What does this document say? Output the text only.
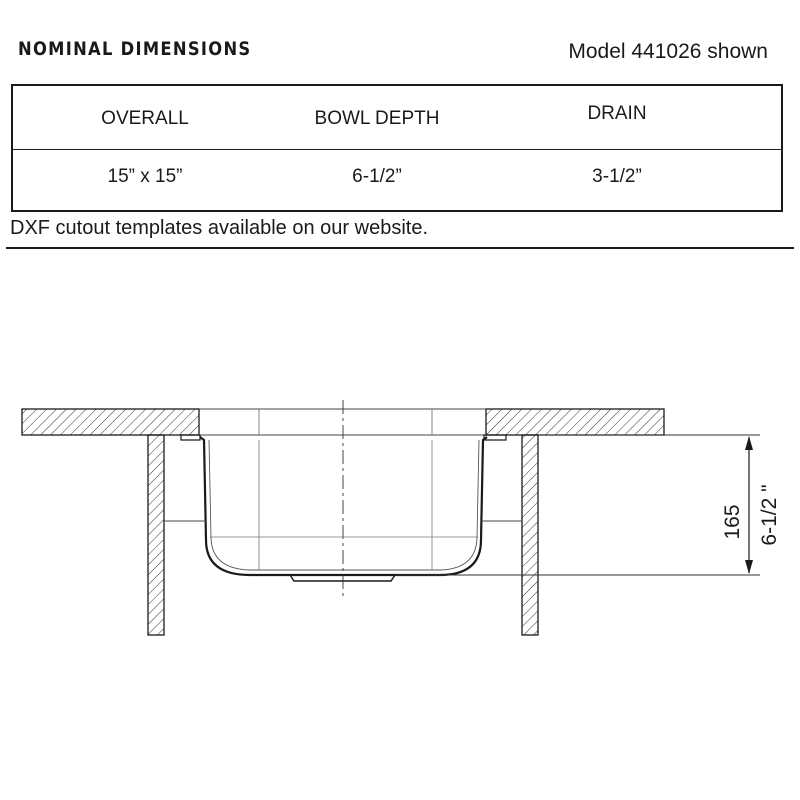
NOMINAL DIMENSIONS	Model 441026 shown
OVERALL	BOWL DEPTH	DRAIN
15” x 15”	6-1/2”	3-1/2”
DXF cutout templates available on our website.
165 6-1/2 "
